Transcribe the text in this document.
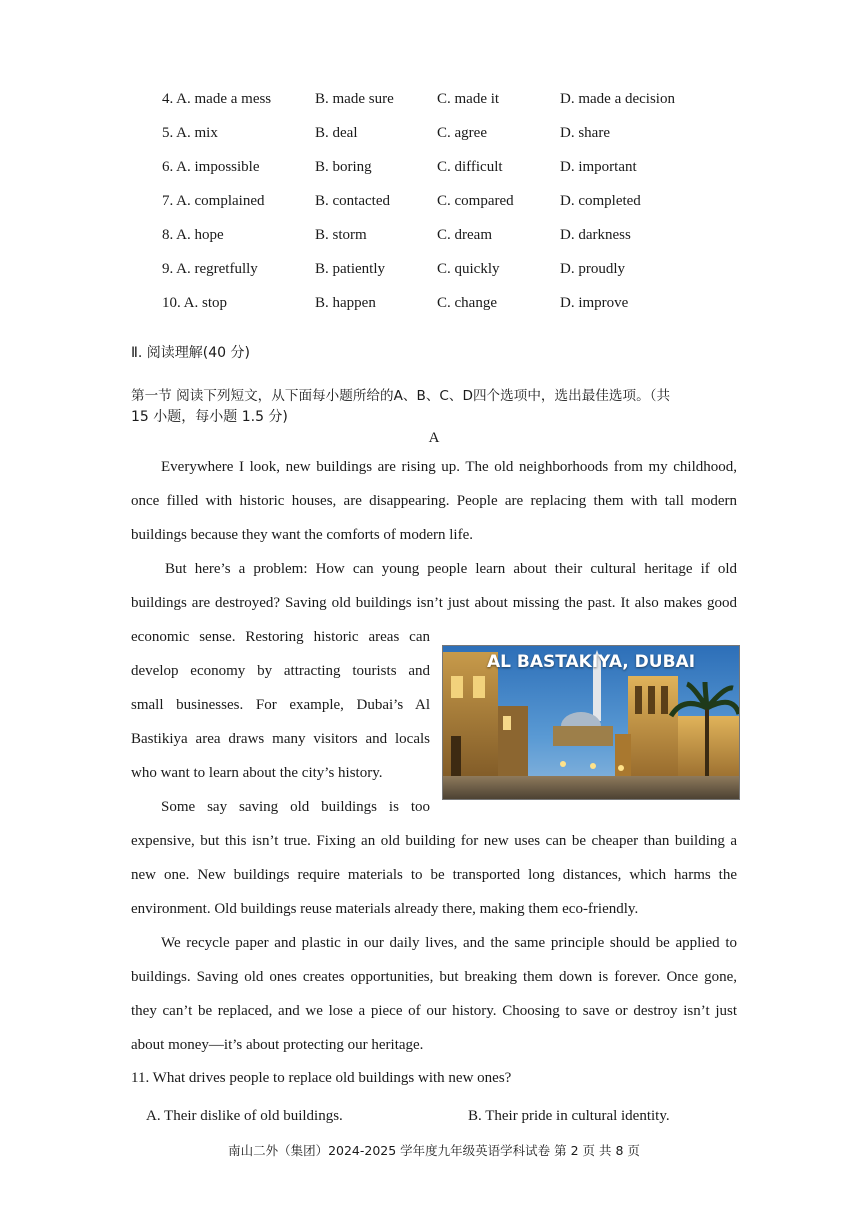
4. A. made a mess	B. made sure	C. made it	D. made a decision
5. A. mix	B. deal	C. agree	D. share
6. A. impossible	B. boring	C. difficult	D. important
7. A. complained	B. contacted	C. compared	D. completed
8. A. hope	B. storm	C. dream	D. darkness
9. A. regretfully	B. patiently	C. quickly	D. proudly
10. A. stop	B. happen	C. change	D. improve
Ⅱ. 阅读理解(40 分)
第一节 阅读下列短文，从下面每小题所给的A、B、C、D四个选项中，选出最佳选项。（共
15 小题，每小题 1.5 分)
A
Everywhere I look, new buildings are rising up. The old neighborhoods from my childhood,
once filled with historic houses, are disappearing. People are replacing them with tall modern
buildings because they want the comforts of modern life.
But here’s a problem: How can young people learn about their cultural heritage if old
buildings are destroyed? Saving old buildings isn’t just about missing the past. It also makes good
economic sense. Restoring historic areas can
develop economy by attracting tourists and
small businesses. For example, Dubai’s Al
Bastikiya area draws many visitors and locals
who want to learn about the city’s history.
Some say saving old buildings is too
expensive, but this isn’t true. Fixing an old building for new uses can be cheaper than building a
new one. New buildings require materials to be transported long distances, which harms the
environment. Old buildings reuse materials already there, making them eco-friendly.
We recycle paper and plastic in our daily lives, and the same principle should be applied to
buildings. Saving old ones creates opportunities, but breaking them down is forever. Once gone,
they can’t be replaced, and we lose a piece of our history. Choosing to save or destroy isn’t just
about money—it’s about protecting our heritage.
AL BASTAKIYA, DUBAI
11. What drives people to replace old buildings with new ones?
A. Their dislike of old buildings.	B. Their pride in cultural identity.
南山二外（集团）2024-2025 学年度九年级英语学科试卷 第 2 页 共 8 页
